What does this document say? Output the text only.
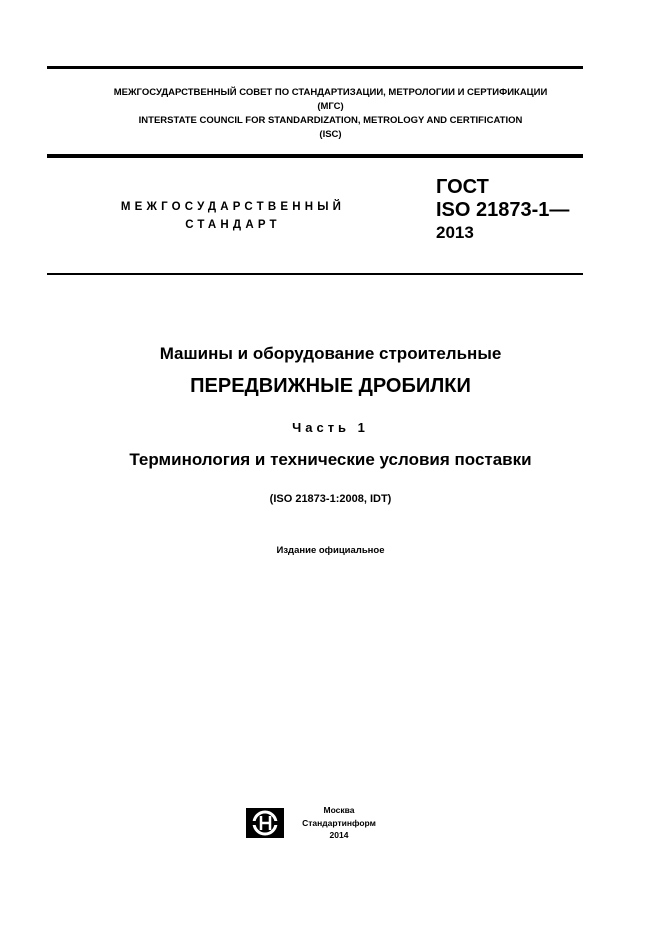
МЕЖГОСУДАРСТВЕННЫЙ СОВЕТ ПО СТАНДАРТИЗАЦИИ, МЕТРОЛОГИИ И СЕРТИФИКАЦИИ
(МГС)
INTERSTATE COUNCIL FOR STANDARDIZATION, METROLOGY AND CERTIFICATION
(ISC)
МЕЖГОСУДАРСТВЕННЫЙ
СТАНДАРТ
ГОСТ
ISO 21873-1—
2013
Машины и оборудование строительные
ПЕРЕДВИЖНЫЕ ДРОБИЛКИ
Часть 1
Терминология и технические условия поставки
(ISO 21873-1:2008, IDT)
Издание официальное
Москва
Стандартинформ
2014
